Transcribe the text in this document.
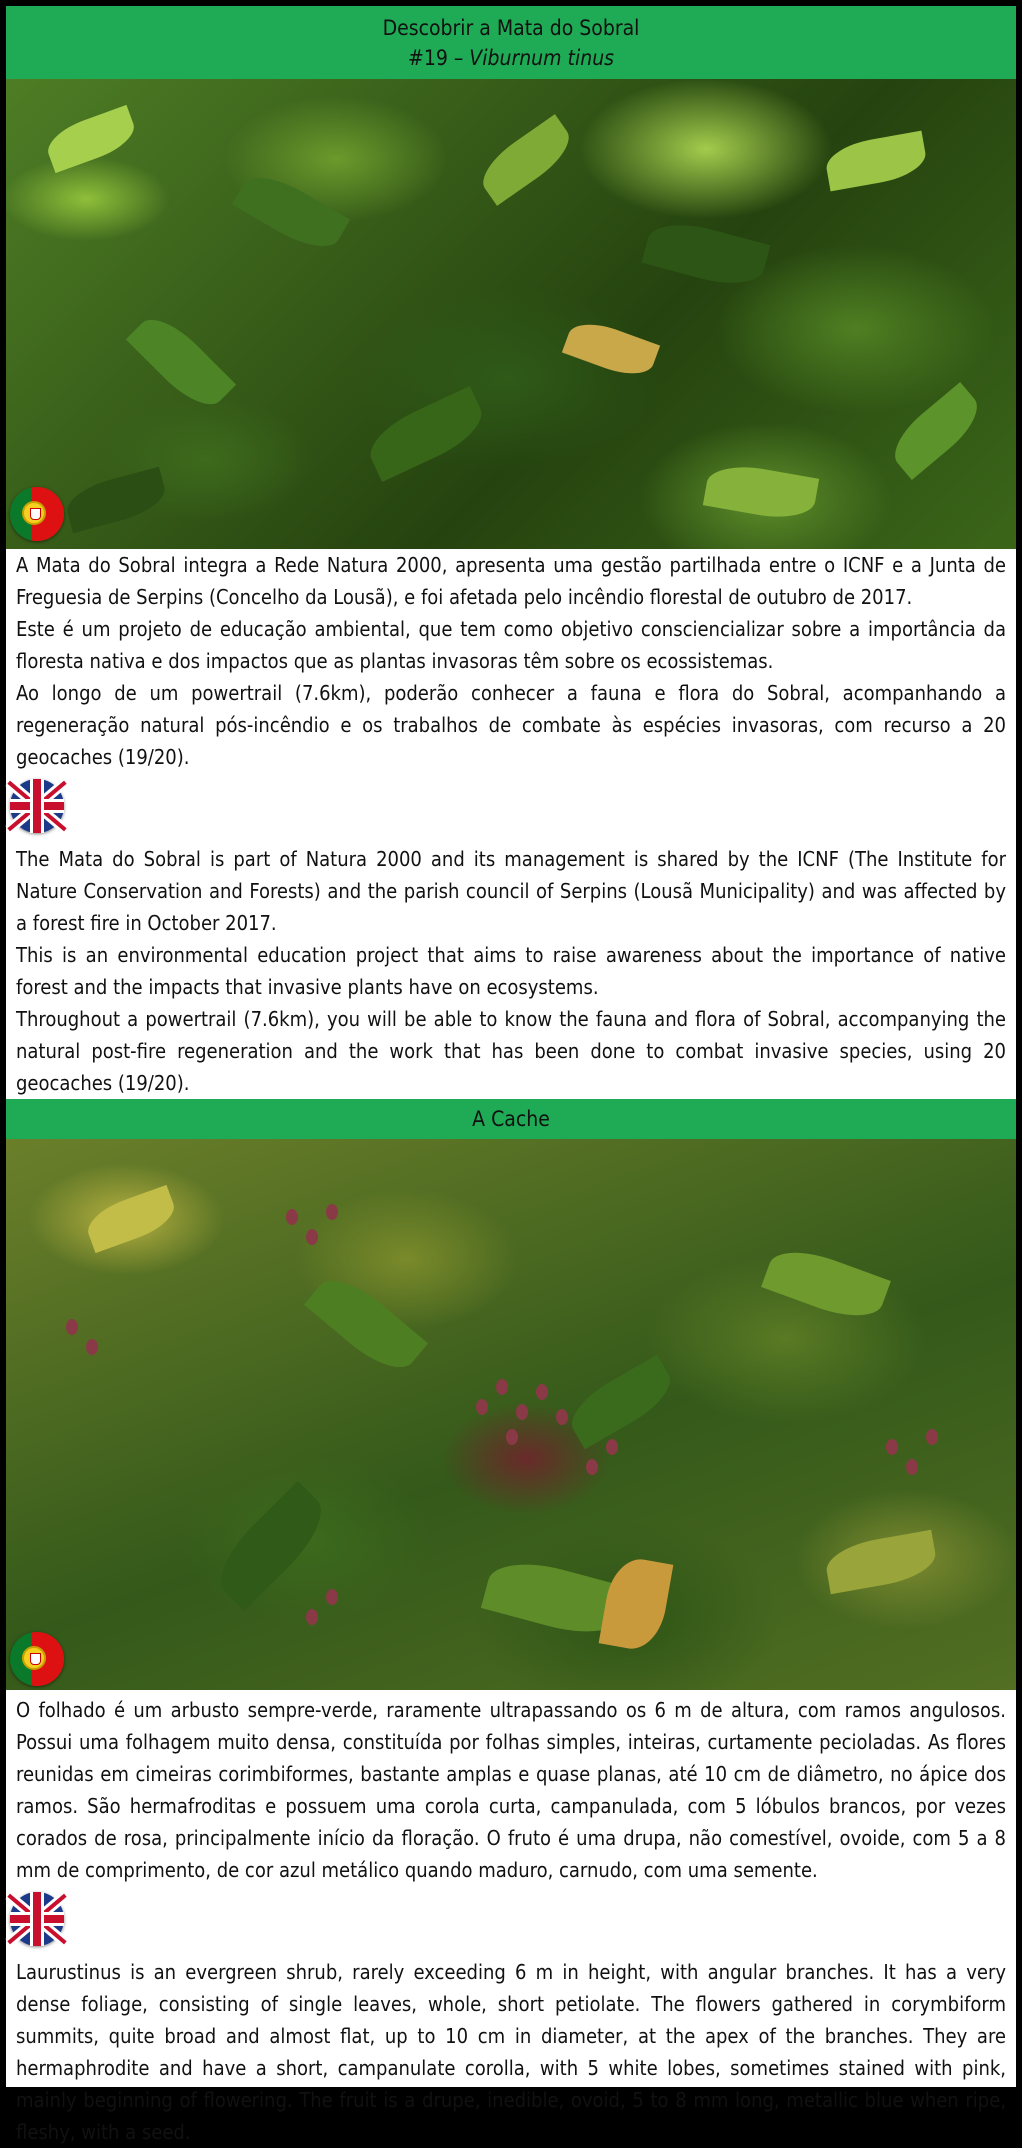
Descobrir a Mata do Sobral
#19 – Viburnum tinus

A Mata do Sobral integra a Rede Natura 2000, apresenta uma gestão partilhada entre o ICNF e a Junta de Freguesia de Serpins (Concelho da Lousã), e foi afetada pelo incêndio florestal de outubro de 2017.

Este é um projeto de educação ambiental, que tem como objetivo consciencializar sobre a importância da floresta nativa e dos impactos que as plantas invasoras têm sobre os ecossistemas.

Ao longo de um powertrail (7.6km), poderão conhecer a fauna e flora do Sobral, acompanhando a regeneração natural pós-incêndio e os trabalhos de combate às espécies invasoras, com recurso a 20 geocaches (19/20).

The Mata do Sobral is part of Natura 2000 and its management is shared by the ICNF (The Institute for Nature Conservation and Forests) and the parish council of Serpins (Lousã Municipality) and was affected by a forest fire in October 2017.

This is an environmental education project that aims to raise awareness about the importance of native forest and the impacts that invasive plants have on ecosystems.

Throughout a powertrail (7.6km), you will be able to know the fauna and flora of Sobral, accompanying the natural post-fire regeneration and the work that has been done to combat invasive species, using 20 geocaches (19/20).

A Cache

O folhado é um arbusto sempre-verde, raramente ultrapassando os 6 m de altura, com ramos angulosos. Possui uma folhagem muito densa, constituída por folhas simples, inteiras, curtamente pecioladas. As flores reunidas em cimeiras corimbiformes, bastante amplas e quase planas, até 10 cm de diâmetro, no ápice dos ramos. São hermafroditas e possuem uma corola curta, campanulada, com 5 lóbulos brancos, por vezes corados de rosa, principalmente início da floração. O fruto é uma drupa, não comestível, ovoide, com 5 a 8 mm de comprimento, de cor azul metálico quando maduro, carnudo, com uma semente.

Laurustinus is an evergreen shrub, rarely exceeding 6 m in height, with angular branches. It has a very dense foliage, consisting of single leaves, whole, short petiolate. The flowers gathered in corymbiform summits, quite broad and almost flat, up to 10 cm in diameter, at the apex of the branches. They are hermaphrodite and have a short, campanulate corolla, with 5 white lobes, sometimes stained with pink, mainly beginning of flowering. The fruit is a drupe, inedible, ovoid, 5 to 8 mm long, metallic blue when ripe, fleshy, with a seed.
